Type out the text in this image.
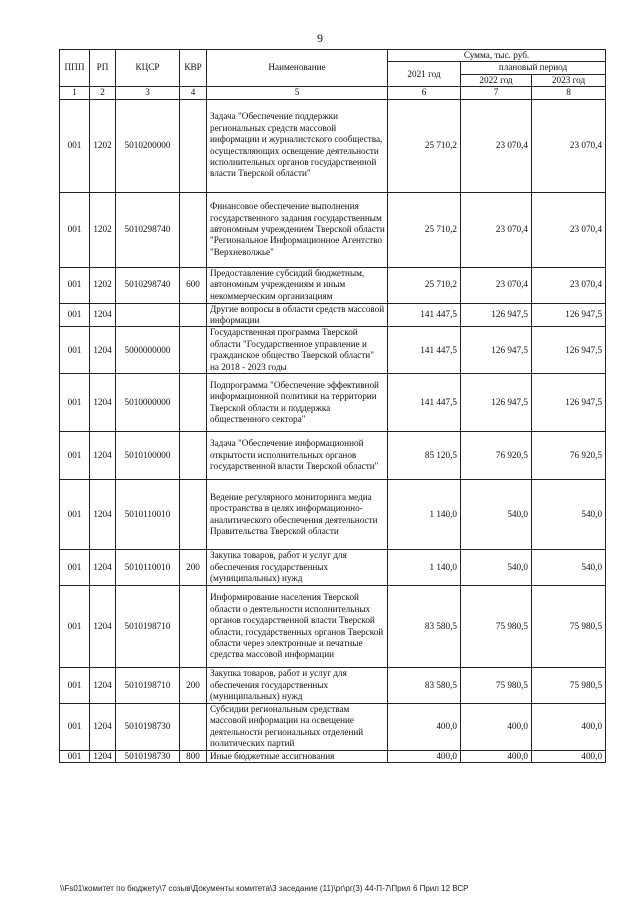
9
ППП	РП	КЦСР	КВР	Наименование	Сумма, тыс. руб.		
					2021 год	плановый период	
						2022 год	2023 год
1	2	3	4	5	6	7	8
001	1202	5010200000		Задача "Обеспечение поддержки региональных средств массовой информации и журналистского сообщества, осуществляющих освещение деятельности исполнительных органов государственной власти Тверской области"	25 710,2	23 070,4	23 070,4
001	1202	5010298740		Финансовое обеспечение выполнения государственного задания государственным автономным учреждением Тверской области "Региональное Информационное Агентство "Верхневолжье"	25 710,2	23 070,4	23 070,4
001	1202	5010298740	600	Предоставление субсидий бюджетным, автономным учреждениям и иным некоммерческим организациям	25 710,2	23 070,4	23 070,4
001	1204			Другие вопросы в области средств массовой информации	141 447,5	126 947,5	126 947,5
001	1204	5000000000		Государственная программа Тверской области "Государственное управление и гражданское общество Тверской области" на 2018 - 2023 годы	141 447,5	126 947,5	126 947,5
001	1204	5010000000		Подпрограмма "Обеспечение эффективной информационной политики на территории Тверской области и поддержка общественного сектора"	141 447,5	126 947,5	126 947,5
001	1204	5010100000		Задача "Обеспечение информационной открытости исполнительных органов государственной власти Тверской области"	85 120,5	76 920,5	76 920,5
001	1204	5010110010		Ведение регулярного мониторинга медиа пространства в целях информационно-аналитического обеспечения деятельности Правительства Тверской области	1 140,0	540,0	540,0
001	1204	5010110010	200	Закупка товаров, работ и услуг для обеспечения государственных (муниципальных) нужд	1 140,0	540,0	540,0
001	1204	5010198710		Информирование населения Тверской области о деятельности исполнительных органов государственной власти Тверской области, государственных органов Тверской области через электронные и печатные средства массовой информации	83 580,5	75 980,5	75 980,5
001	1204	5010198710	200	Закупка товаров, работ и услуг для обеспечения государственных (муниципальных) нужд	83 580,5	75 980,5	75 980,5
001	1204	5010198730		Субсидии региональным средствам массовой информации на освещение деятельности региональных отделений политических партий	400,0	400,0	400,0
001	1204	5010198730	800	Иные бюджетные ассигнования	400,0	400,0	400,0
\\Fs01\комитет по бюджету\7 созыв\Документы комитета\3 заседание (11)\рг\рг(3) 44-П-7\Прил 6 Прил 12 ВСР
